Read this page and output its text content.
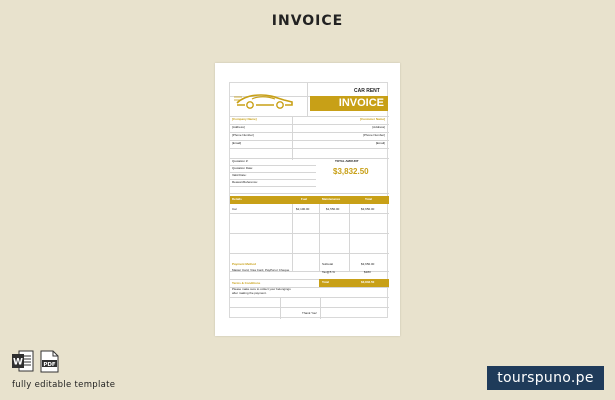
INVOICE
CAR RENT
INVOICE
[Company Name]	[Customer Name]
[Address]	[Address]
[Phone Number]	[Phone Number]
[Email]	[Email]
Quotation #:
Quotation Date:
Valid Date:
Reason/Reference:
TOTAL AMOUNT
$3,832.50
Details	Fuel	Maintenance	Total
Car	$2,100.00	$1,550.00	$3,650.00
Payment Method
Master Card, Visa Card, PayPal or Cheque
Subtotal	$3,650.00
Tax@5 %	$183
Total	$3,832.50
Terms & Conditions
Please make sure to collect your belongings
after making the payment.
Thank You!
W	PDF
fully editable template	tourspuno.pe
